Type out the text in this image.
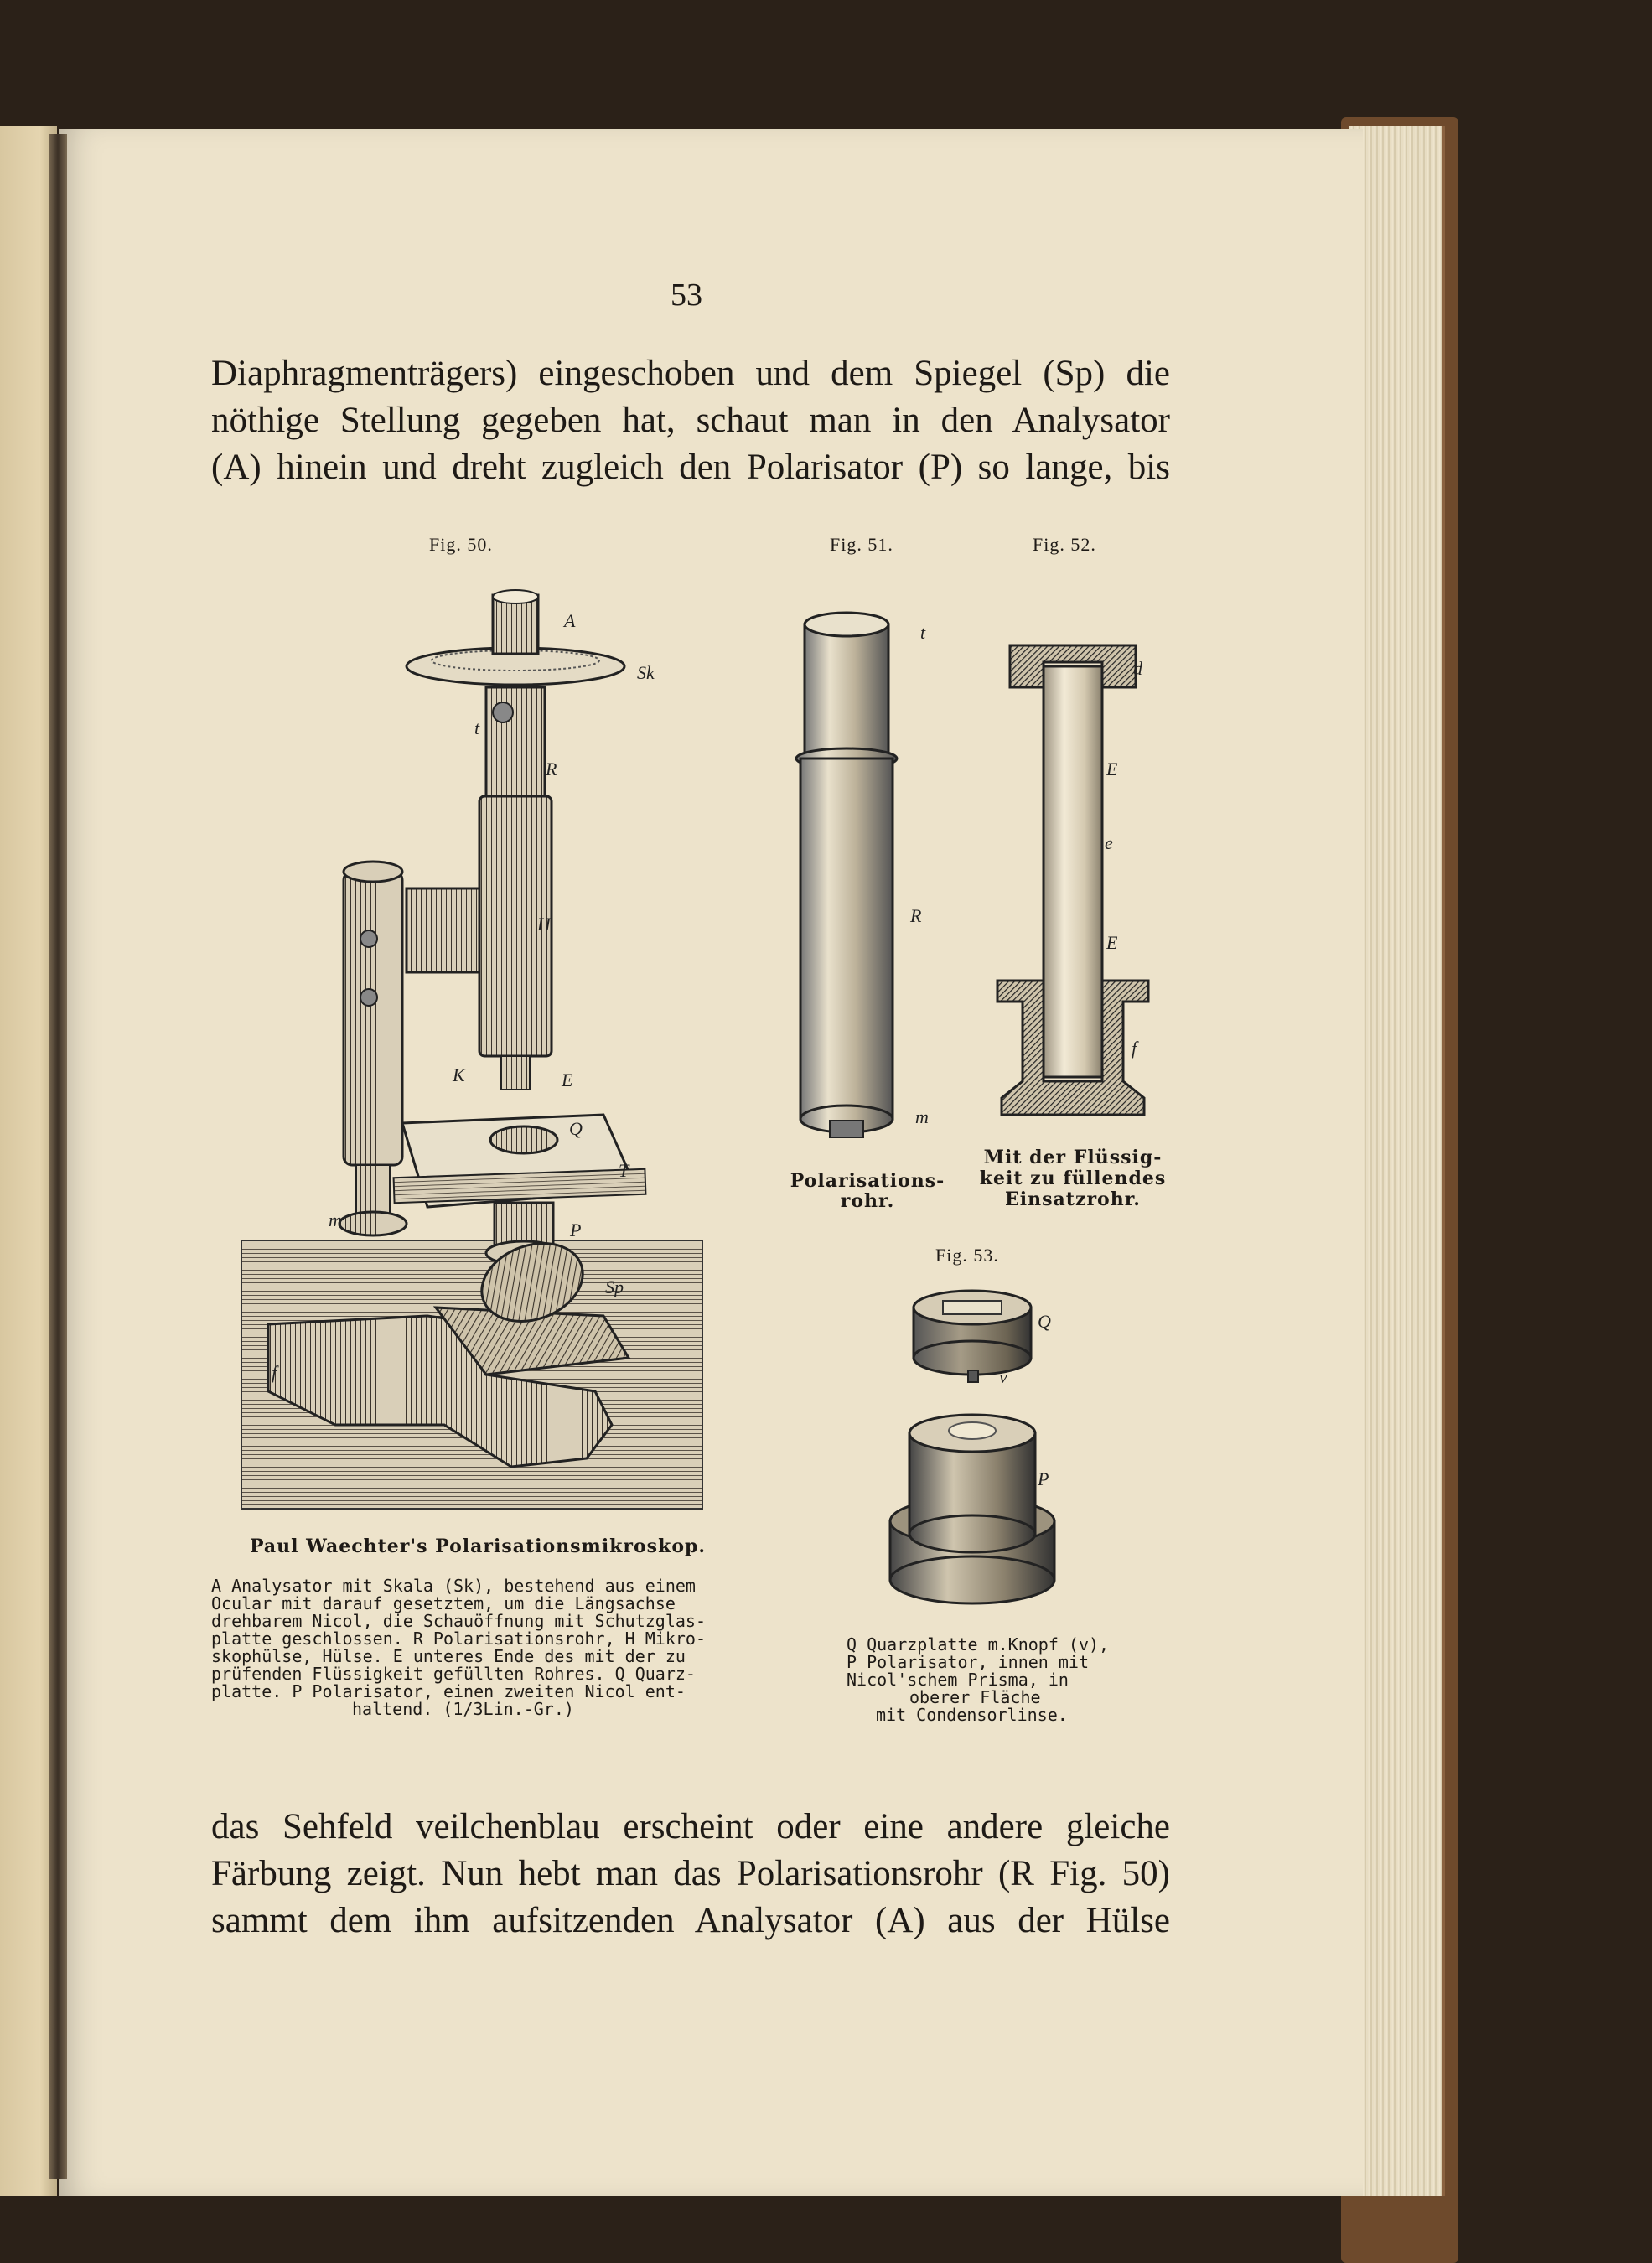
53
Diaphragmenträgers) eingeschoben und dem Spiegel (Sp) die
nöthige Stellung gegeben hat, schaut man in den Analysator
(A) hinein und dreht zugleich den Polarisator (P) so lange, bis
Fig. 50.	Fig. 51.	Fig. 52.
Fig. 53.
A
Sk
t
R
H
K	E
Q
T
m	P
Sp
f
t
R
m
d
E
e
E
f
Polarisations-
rohr.
Mit der Flüssig-
keit zu füllendes
Einsatzrohr.
Q
v
P
Paul Waechter's Polarisationsmikroskop.
A Analysator mit Skala (Sk), bestehend aus einem
Ocular mit darauf gesetztem, um die Längsachse
drehbarem Nicol, die Schauöffnung mit Schutzglas-
platte geschlossen. R Polarisationsrohr, H Mikro-
skophülse, Hülse. E unteres Ende des mit der zu
prüfenden Flüssigkeit gefüllten Rohres. Q Quarz-
platte. P Polarisator, einen zweiten Nicol ent-
haltend. (1/3Lin.-Gr.)
Q Quarzplatte m.Knopf (v),
P Polarisator, innen mit
Nicol'schem Prisma, in
oberer Fläche
mit Condensorlinse.
das Sehfeld veilchenblau erscheint oder eine andere gleiche
Färbung zeigt. Nun hebt man das Polarisationsrohr (R Fig. 50)
sammt dem ihm aufsitzenden Analysator (A) aus der Hülse
